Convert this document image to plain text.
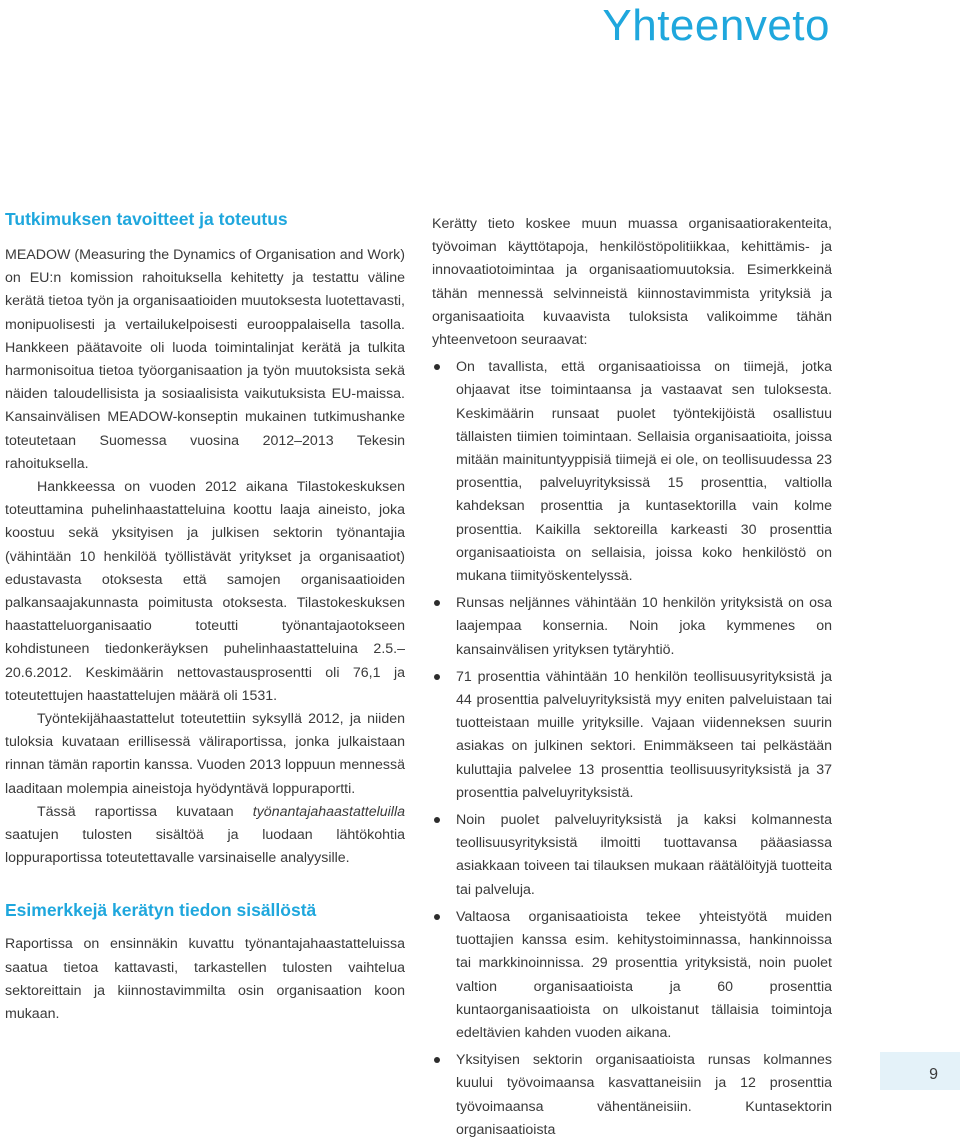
Yhteenveto
Tutkimuksen tavoitteet ja toteutus

MEADOW (Measuring the Dynamics of Organisation and Work) on EU:n komission rahoituksella kehitetty ja testattu väline kerätä tietoa työn ja organisaatioiden muutoksesta luotettavasti, monipuolisesti ja vertailukelpoisesti eurooppalaisella tasolla. Hankkeen päätavoite oli luoda toimintalinjat kerätä ja tulkita harmonisoitua tietoa työorganisaation ja työn muutoksista sekä näiden taloudellisista ja sosiaalisista vaikutuksista EU-maissa. Kansainvälisen MEADOW-konseptin mukainen tutkimushanke toteutetaan Suomessa vuosina 2012–2013 Tekesin rahoituksella.

Hankkeessa on vuoden 2012 aikana Tilastokeskuksen toteuttamina puhelinhaastatteluina koottu laaja aineisto, joka koostuu sekä yksityisen ja julkisen sektorin työnantajia (vähintään 10 henkilöä työllistävät yritykset ja organisaatiot) edustavasta otoksesta että samojen organisaatioiden palkansaajakunnasta poimitusta otoksesta. Tilastokeskuksen haastatteluorganisaatio toteutti työnantajaotokseen kohdistuneen tiedonkeräyksen puhelinhaastatteluina 2.5.–20.6.2012. Keskimäärin nettovastausprosentti oli 76,1 ja toteutettujen haastattelujen määrä oli 1531.

Työntekijähaastattelut toteutettiin syksyllä 2012, ja niiden tuloksia kuvataan erillisessä väliraportissa, jonka julkaistaan rinnan tämän raportin kanssa. Vuoden 2013 loppuun mennessä laaditaan molempia aineistoja hyödyntävä loppuraportti.

Tässä raportissa kuvataan työnantajahaastatteluilla saatujen tulosten sisältöä ja luodaan lähtökohtia loppuraportissa toteutettavalle varsinaiselle analyysille.

Esimerkkejä kerätyn tiedon sisällöstä

Raportissa on ensinnäkin kuvattu työnantajahaastatteluissa saatua tietoa kattavasti, tarkastellen tulosten vaihtelua sektoreittain ja kiinnostavimmilta osin organisaation koon mukaan.

Kerätty tieto koskee muun muassa organisaatiorakenteita, työvoiman käyttötapoja, henkilöstöpolitiikkaa, kehittämis- ja innovaatiotoimintaa ja organisaatiomuutoksia. Esimerkkeinä tähän mennessä selvinneistä kiinnostavimmista yrityksiä ja organisaatioita kuvaavista tuloksista valikoimme tähän yhteenvetoon seuraavat:

On tavallista, että organisaatioissa on tiimejä, jotka ohjaavat itse toimintaansa ja vastaavat sen tuloksesta. Keskimäärin runsaat puolet työntekijöistä osallistuu tällaisten tiimien toimintaan. Sellaisia organisaatioita, joissa mitään mainituntyyppisiä tiimejä ei ole, on teollisuudessa 23 prosenttia, palveluyrityksissä 15 prosenttia, valtiolla kahdeksan prosenttia ja kuntasektorilla vain kolme prosenttia. Kaikilla sektoreilla karkeasti 30 prosenttia organisaatioista on sellaisia, joissa koko henkilöstö on mukana tiimityöskentelyssä.
Runsas neljännes vähintään 10 henkilön yrityksistä on osa laajempaa konsernia. Noin joka kymmenes on kansainvälisen yrityksen tytäryhtiö.
71 prosenttia vähintään 10 henkilön teollisuusyrityksistä ja 44 prosenttia palveluyrityksistä myy eniten palveluistaan tai tuotteistaan muille yrityksille. Vajaan viidenneksen suurin asiakas on julkinen sektori. Enimmäkseen tai pelkästään kuluttajia palvelee 13 prosenttia teollisuusyrityksistä ja 37 prosenttia palveluyrityksistä.
Noin puolet palveluyrityksistä ja kaksi kolmannesta teollisuusyrityksistä ilmoitti tuottavansa pääasiassa asiakkaan toiveen tai tilauksen mukaan räätälöityjä tuotteita tai palveluja.
Valtaosa organisaatioista tekee yhteistyötä muiden tuottajien kanssa esim. kehitystoiminnassa, hankinnoissa tai markkinoinnissa. 29 prosenttia yrityksistä, noin puolet valtion organisaatioista ja 60 prosenttia kuntaorganisaatioista on ulkoistanut tällaisia toimintoja edeltävien kahden vuoden aikana.
Yksityisen sektorin organisaatioista runsas kolmannes kuului työvoimaansa kasvattaneisiin ja 12 prosenttia työvoimaansa vähentäneisiin. Kuntasektorin organisaatioista
9
